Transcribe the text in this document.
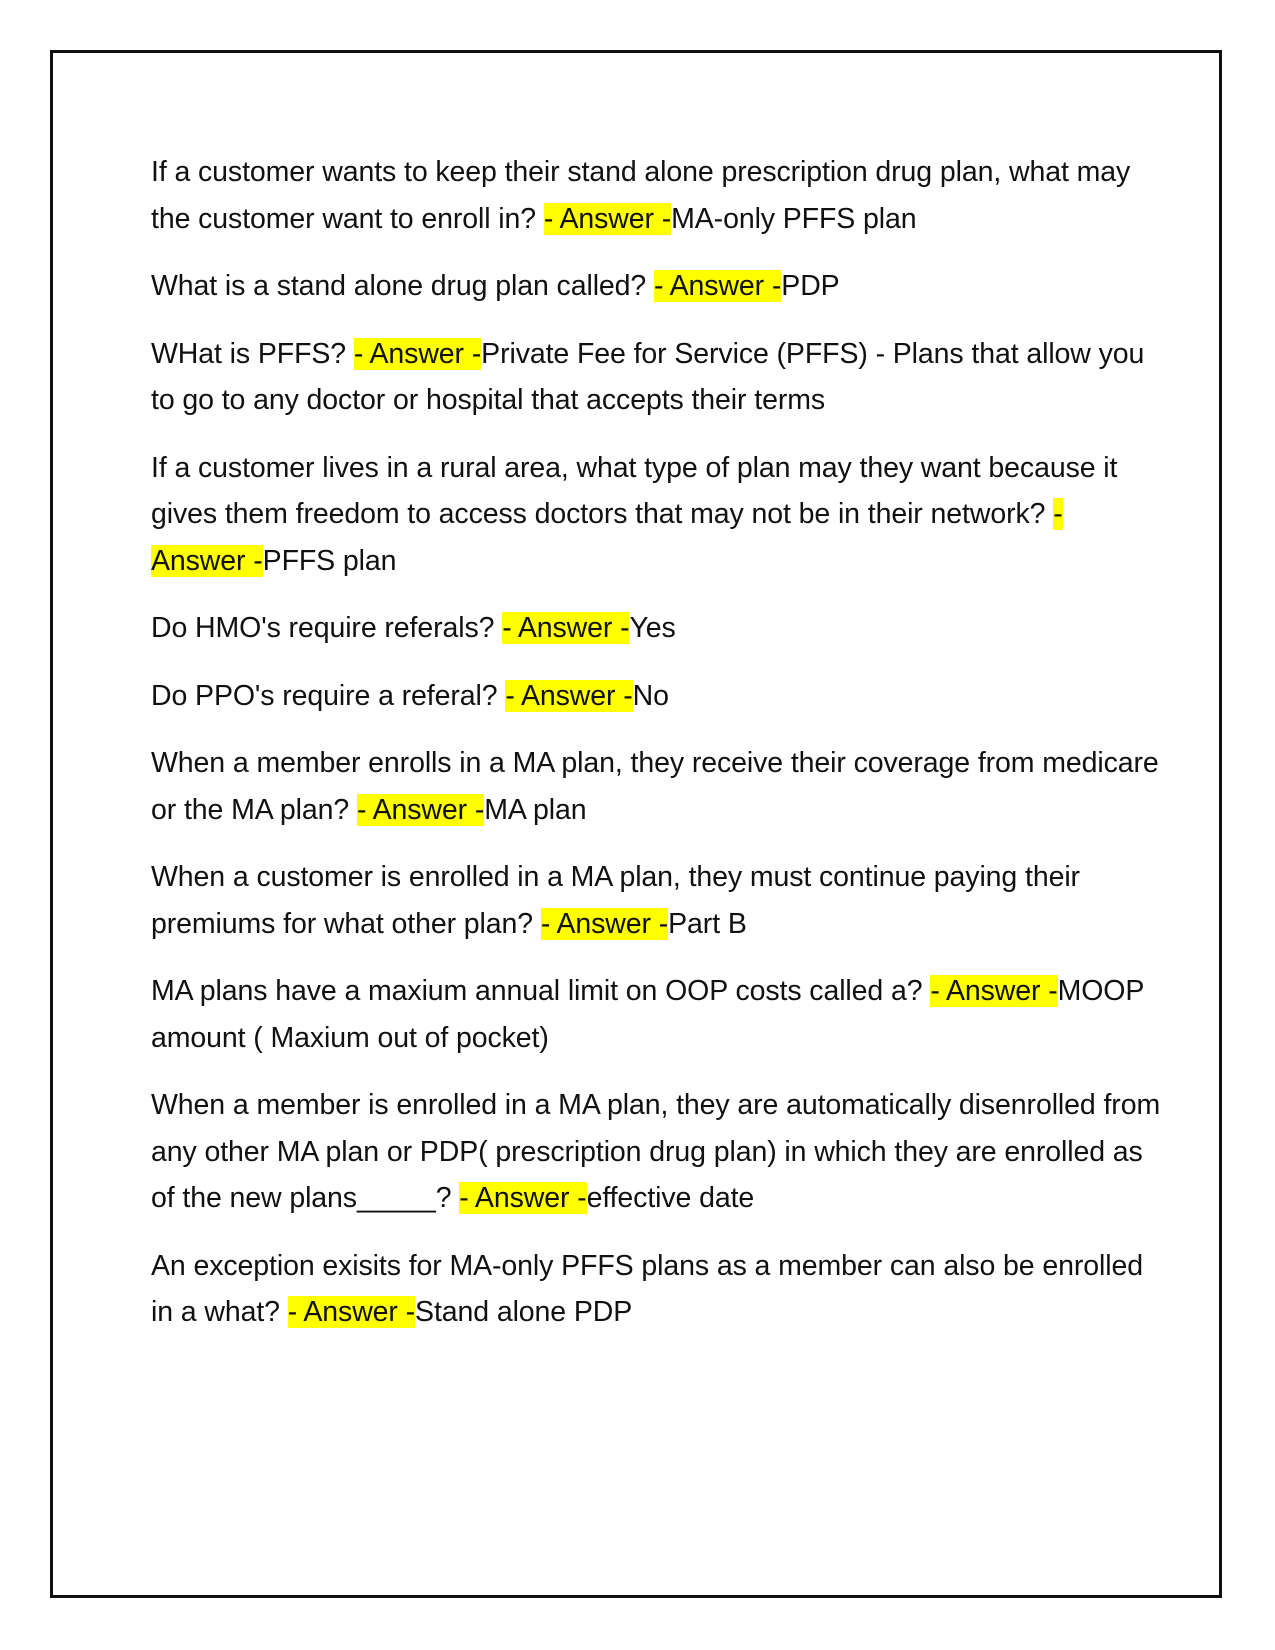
If a customer wants to keep their stand alone prescription drug plan, what may the customer want to enroll in? - Answer -MA-only PFFS plan

What is a stand alone drug plan called? - Answer -PDP

WHat is PFFS? - Answer -Private Fee for Service (PFFS) - Plans that allow you to go to any doctor or hospital that accepts their terms

If a customer lives in a rural area, what type of plan may they want because it gives them freedom to access doctors that may not be in their network? - Answer -PFFS plan

Do HMO's require referals? - Answer -Yes

Do PPO's require a referal? - Answer -No

When a member enrolls in a MA plan, they receive their coverage from medicare or the MA plan? - Answer -MA plan

When a customer is enrolled in a MA plan, they must continue paying their premiums for what other plan? - Answer -Part B

MA plans have a maxium annual limit on OOP costs called a? - Answer -MOOP amount ( Maxium out of pocket)

When a member is enrolled in a MA plan, they are automatically disenrolled from any other MA plan or PDP( prescription drug plan) in which they are enrolled as of the new plans_____? - Answer -effective date

An exception exisits for MA-only PFFS plans as a member can also be enrolled in a what? - Answer -Stand alone PDP
